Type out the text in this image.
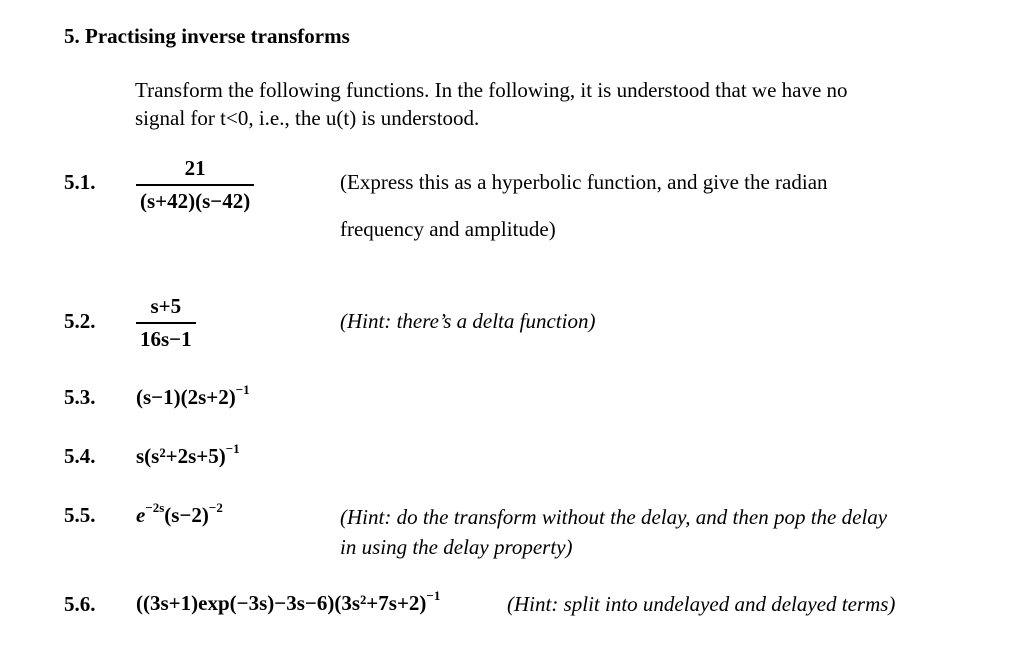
5. Practising inverse transforms
Transform the following functions. In the following, it is understood that we have no
signal for t<0, i.e., the u(t) is understood.
5.1. $\frac{21}{(s+42)(s-42)}$	(Express this as a hyperbolic function, and give the radian
frequency and amplitude)
5.2. $\frac{s+5}{16s-1}$	(Hint: there’s a delta function)
5.3. $(s-1)(2s+2)^{-1}$
5.4. $s(s^2+2s+5)^{-1}$
5.5. $e^{-2s}(s-2)^{-2}$	(Hint: do the transform without the delay, and then pop the delay
in using the delay property)
5.6. $((3s+1)\exp(-3s)-3s-6)(3s^2+7s+2)^{-1}$	(Hint: split into undelayed and delayed terms)
